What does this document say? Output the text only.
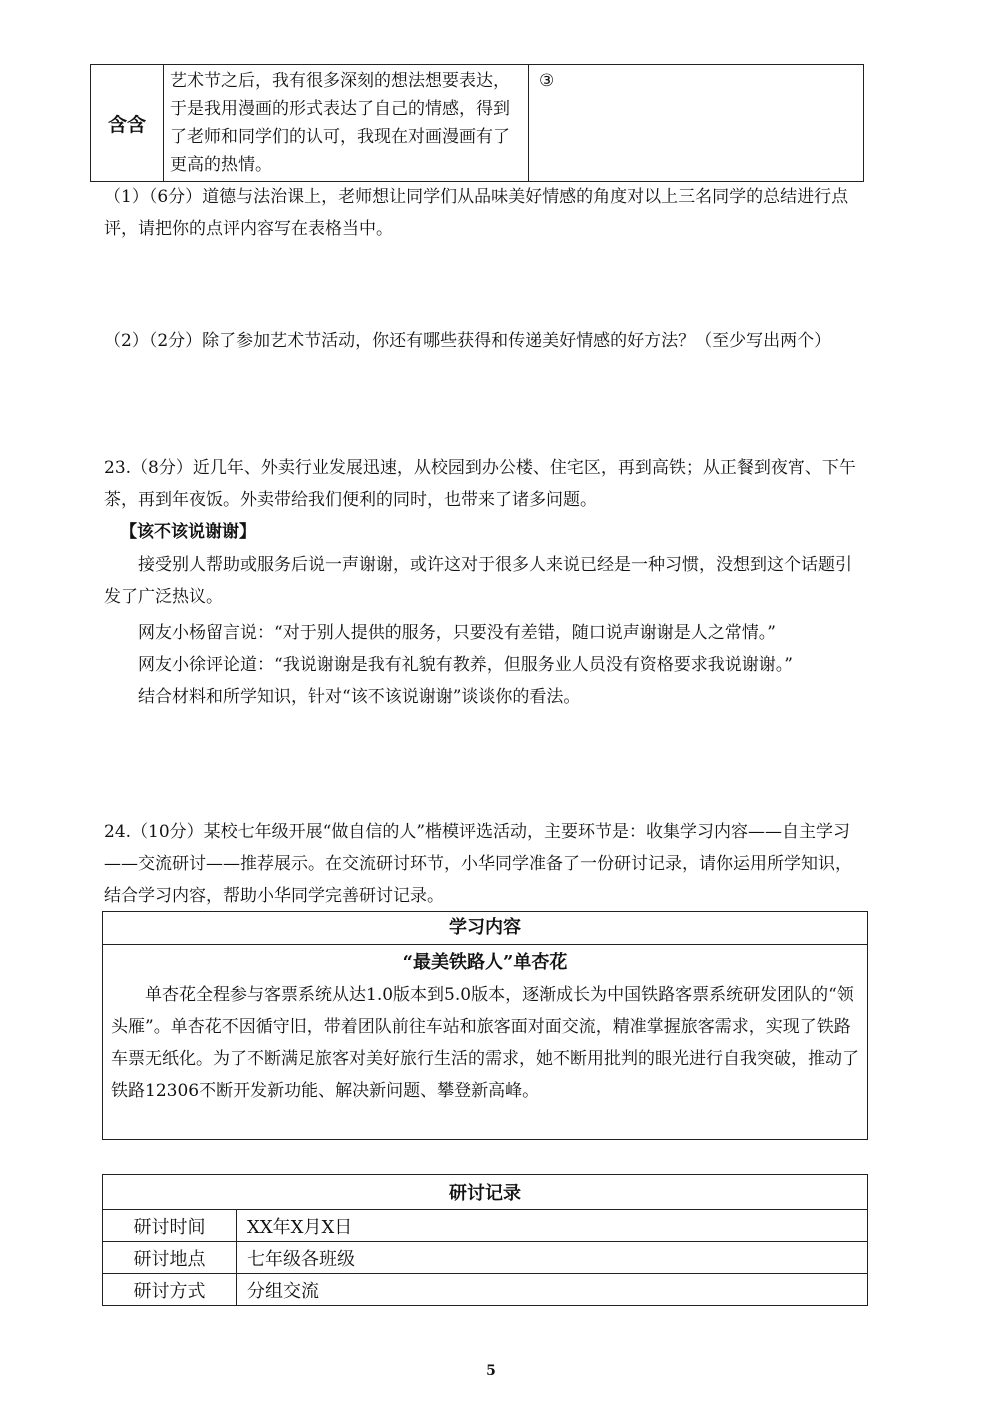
含含	艺术节之后，我有很多深刻的想法想要表达，于是我用漫画的形式表达了自己的情感，得到了老师和同学们的认可，我现在对画漫画有了更高的热情。	③
（1）（6分）道德与法治课上，老师想让同学们从品味美好情感的角度对以上三名同学的总结进行点评，请把你的点评内容写在表格当中。
（2）（2分）除了参加艺术节活动，你还有哪些获得和传递美好情感的好方法？（至少写出两个）
23.（8分）近几年、外卖行业发展迅速，从校园到办公楼、住宅区，再到高铁；从正餐到夜宵、下午茶，再到年夜饭。外卖带给我们便利的同时，也带来了诸多问题。
【该不该说谢谢】
接受别人帮助或服务后说一声谢谢，或许这对于很多人来说已经是一种习惯，没想到这个话题引发了广泛热议。
网友小杨留言说：“对于别人提供的服务，只要没有差错，随口说声谢谢是人之常情。”
网友小徐评论道：“我说谢谢是我有礼貌有教养，但服务业人员没有资格要求我说谢谢。”
结合材料和所学知识，针对“该不该说谢谢”谈谈你的看法。
24.（10分）某校七年级开展“做自信的人”楷模评选活动，主要环节是：收集学习内容——自主学习——交流研讨——推荐展示。在交流研讨环节，小华同学准备了一份研讨记录，请你运用所学知识，结合学习内容，帮助小华同学完善研讨记录。
学习内容
“最美铁路人”单杏花

单杏花全程参与客票系统从达1.0版本到5.0版本，逐渐成长为中国铁路客票系统研发团队的“领头雁”。单杏花不因循守旧，带着团队前往车站和旅客面对面交流，精准掌握旅客需求，实现了铁路车票无纸化。为了不断满足旅客对美好旅行生活的需求，她不断用批判的眼光进行自我突破，推动了铁路12306不断开发新功能、解决新问题、攀登新高峰。

研讨记录	
研讨时间	XX年X月X日
研讨地点	七年级各班级
研讨方式	分组交流
5
